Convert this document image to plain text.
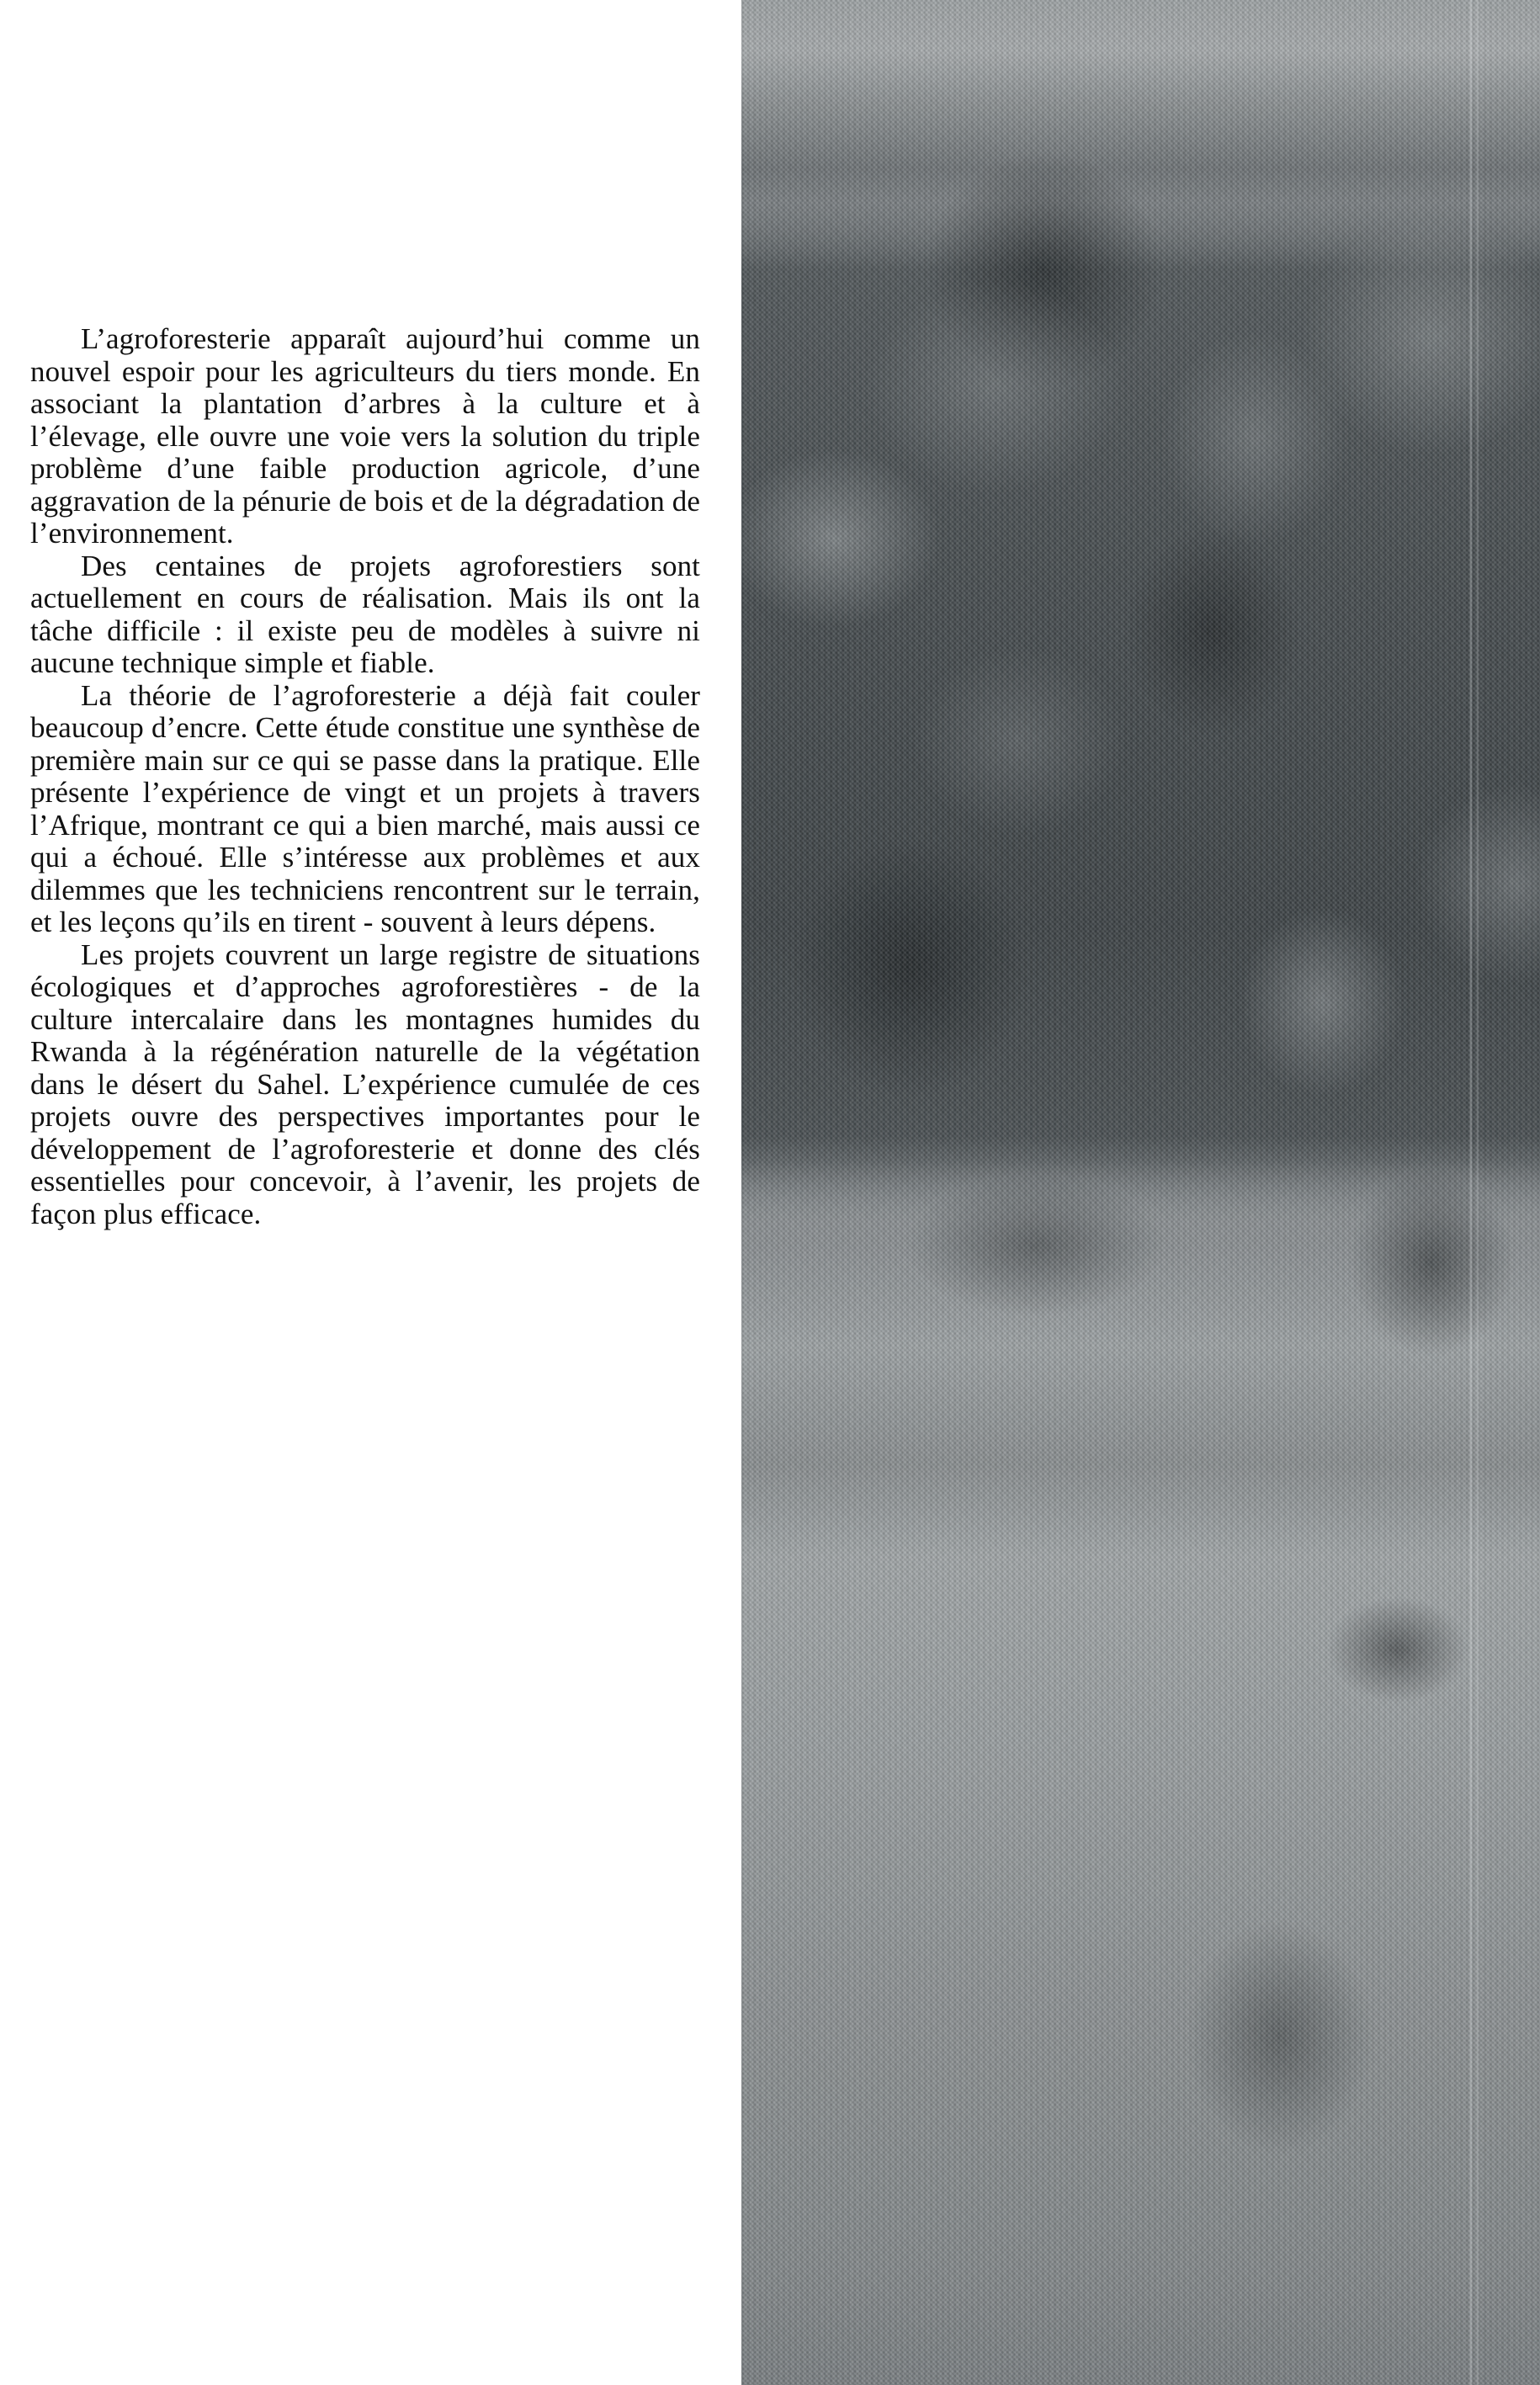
L’agroforesterie apparaît aujourd’hui comme un nouvel espoir pour les agriculteurs du tiers monde. En associant la plantation d’arbres à la culture et à l’élevage, elle ouvre une voie vers la solution du triple problème d’une faible production agricole, d’une aggravation de la pénurie de bois et de la dégradation de l’environnement.

Des centaines de projets agroforestiers sont actuellement en cours de réalisation. Mais ils ont la tâche difficile : il existe peu de modèles à suivre ni aucune technique simple et fiable.

La théorie de l’agroforesterie a déjà fait couler beaucoup d’encre. Cette étude constitue une synthèse de première main sur ce qui se passe dans la pratique. Elle présente l’expérience de vingt et un projets à travers l’Afrique, montrant ce qui a bien marché, mais aussi ce qui a échoué. Elle s’intéresse aux problèmes et aux dilemmes que les techniciens rencontrent sur le terrain, et les leçons qu’ils en tirent - souvent à leurs dépens.

Les projets couvrent un large registre de situations écologiques et d’approches agroforestières - de la culture intercalaire dans les montagnes humides du Rwanda à la régénération naturelle de la végétation dans le désert du Sahel. L’expérience cumulée de ces projets ouvre des perspectives importantes pour le développement de l’agroforesterie et donne des clés essentielles pour concevoir, à l’avenir, les projets de façon plus efficace.
